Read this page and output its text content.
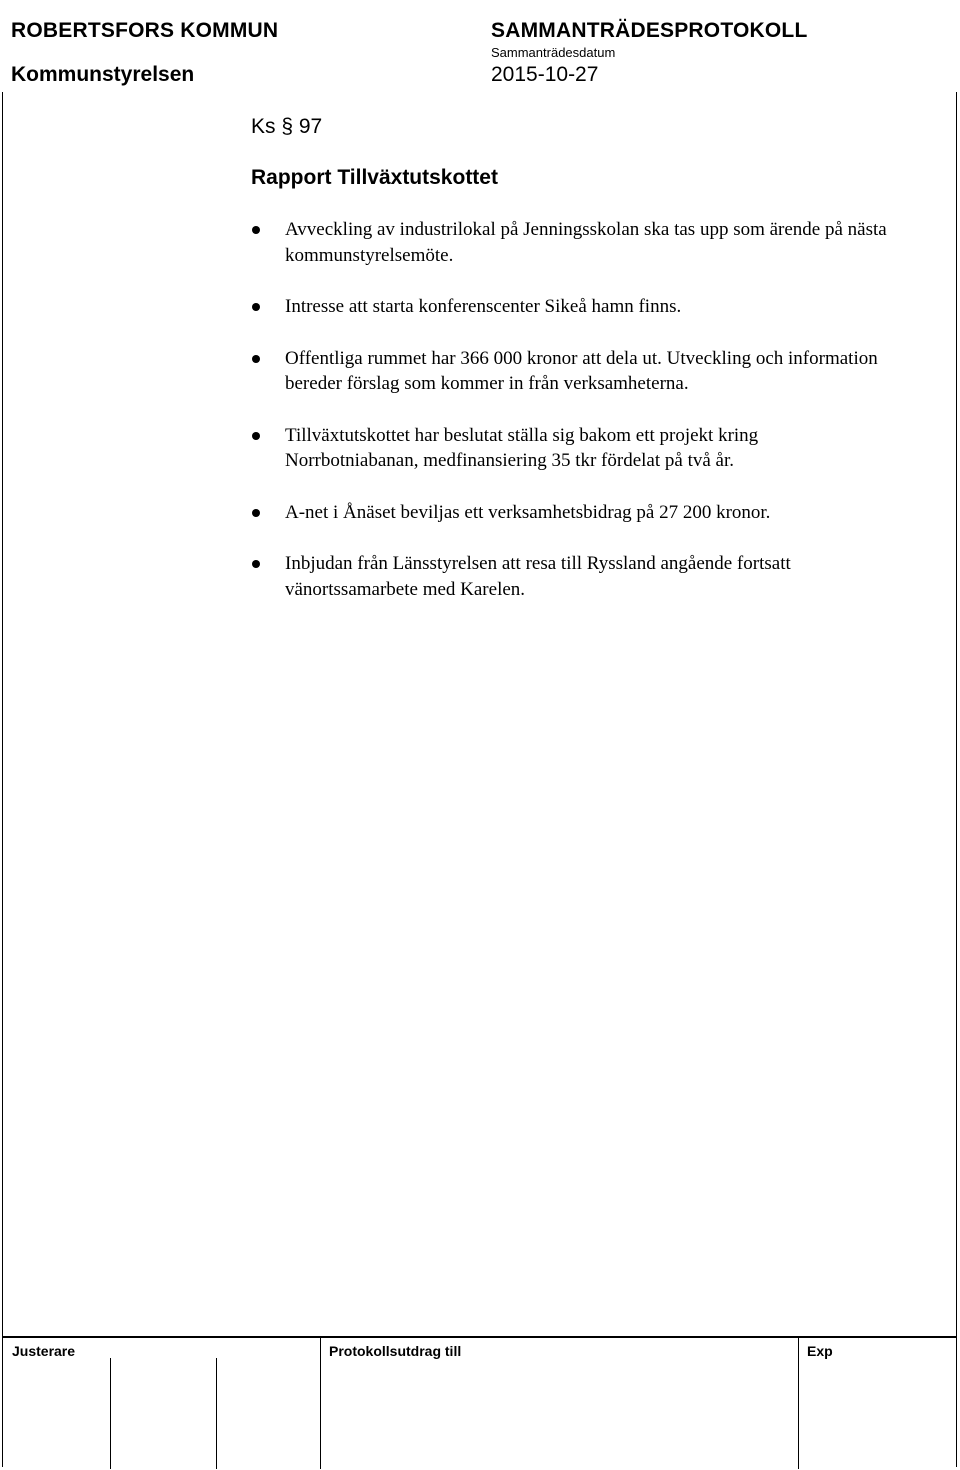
ROBERTSFORS KOMMUN
Kommunstyrelsen
SAMMANTRÄDESPROTOKOLL
Sammanträdesdatum
2015-10-27
Ks § 97
Rapport Tillväxtutskottet
Avveckling av industrilokal på Jenningsskolan ska tas upp som ärende på nästa kommunstyrelsemöte.
Intresse att starta konferenscenter Sikeå hamn finns.
Offentliga rummet har 366 000 kronor att dela ut. Utveckling och information bereder förslag som kommer in från verksamheterna.
Tillväxtutskottet har beslutat ställa sig bakom ett projekt kring Norrbotniabanan, medfinansiering 35 tkr fördelat på två år.
A-net i Ånäset beviljas ett verksamhetsbidrag på 27 200 kronor.
Inbjudan från Länsstyrelsen att resa till Ryssland angående fortsatt vänortssamarbete med Karelen.
Justerare	Protokollsutdrag till	Exp
